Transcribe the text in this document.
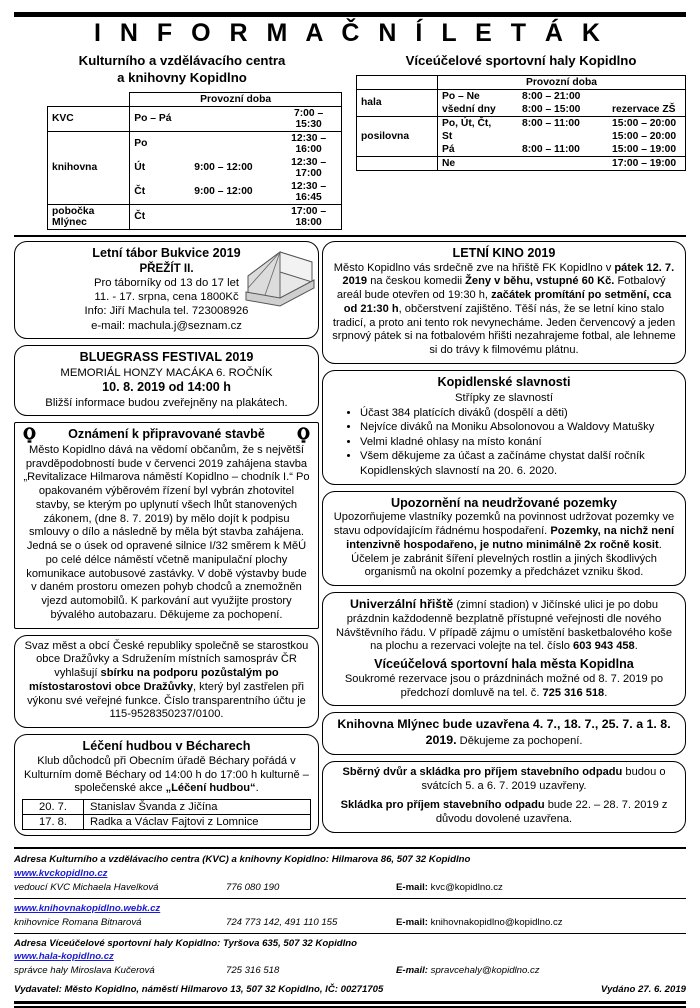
I N F O R M A Č N Í L E T Á K
Kulturního a vzdělávacího centra
a knihovny Kopidlno
	Provozní doba		
KVC	Po – Pá		7:00 – 15:30
knihovna	Po		12:30 – 16:00
	Út	9:00 – 12:00	12:30 – 17:00
	Čt	9:00 – 12:00	12:30 – 16:45
pobočka Mlýnec	Čt		17:00 – 18:00
Víceúčelové sportovní haly Kopidlno
	Provozní doba		
hala	Po – Ne	8:00 – 21:00	
	všední dny	8:00 – 15:00	rezervace ZŠ
posilovna	Po, Út, Čt,	8:00 – 11:00	15:00 – 20:00
	St		15:00 – 20:00
	Pá	8:00 – 11:00	15:00 – 19:00
	Ne		17:00 – 19:00
Letní tábor Bukvice 2019
PŘEŽÍT II.
Pro táborníky od 13 do 17 let
11. - 17. srpna, cena 1800Kč
Info: Jiří Machula tel. 723008926
e-mail: machula.j@seznam.cz
BLUEGRASS FESTIVAL 2019
MEMORIÁL HONZY MACÁKA 6. ROČNÍK
10. 8. 2019 od 14:00 h
Bližší informace budou zveřejněny na plakátech.
Oznámení k připravované stavbě
Město Kopidlno dává na vědomí občanům, že s největší pravděpodobností bude v červenci 2019 zahájena stavba „Revitalizace Hilmarova náměstí Kopidlno – chodník I.“ Po opakovaném výběrovém řízení byl vybrán zhotovitel stavby, se kterým po uplynutí všech lhůt stanovených zákonem, (dne 8. 7. 2019) by mělo dojít k podpisu smlouvy o dílo a následně by měla být stavba zahájena. Jedná se o úsek od opravené silnice I/32 směrem k MěÚ po celé délce náměstí včetně manipulační plochy komunikace autobusové zastávky. V době výstavby bude v daném prostoru omezen pohyb chodců a znemožněn vjezd automobilů. K parkování aut využijte prostory bývalého autobazaru. Děkujeme za pochopení.
Svaz měst a obcí České republiky společně se starostkou obce Dražůvky a Sdružením místních samospráv ČR vyhlašují sbírku na podporu pozůstalým po místostarostovi obce Dražůvky, který byl zastřelen při výkonu své veřejné funkce. Číslo transparentního účtu je 115-9528350237/0100.
Léčení hudbou v Bécharech
Klub důchodců při Obecním úřadě Béchary pořádá v Kulturním domě Béchary od 14:00 h do 17:00 h kulturně – společenské akce „Léčení hudbou“.
20. 7.	Stanislav Švanda z Jičína
17. 8.	Radka a Václav Fajtovi z Lomnice
LETNÍ KINO 2019
Město Kopidlno vás srdečně zve na hřiště FK Kopidlno v pátek 12. 7. 2019 na českou komedii Ženy v běhu, vstupné 60 Kč. Fotbalový areál bude otevřen od 19:30 h, začátek promítání po setmění, cca od 21:30 h, občerstvení zajištěno. Těší nás, že se letní kino stalo tradicí, a proto ani tento rok nevynecháme. Jeden červencový a jeden srpnový pátek si na fotbalovém hřišti nezahrajeme fotbal, ale lehneme si do trávy k filmovému plátnu.
Kopidlenské slavnosti
Střípky ze slavností
• Účast 384 platících diváků (dospělí a děti)
• Nejvíce diváků na Moniku Absolonovou a Waldovy Matušky
• Velmi kladné ohlasy na místo konání
• Všem děkujeme za účast a začínáme chystat další ročník Kopidlenských slavností na 20. 6. 2020.
Upozornění na neudržované pozemky
Upozorňujeme vlastníky pozemků na povinnost udržovat pozemky ve stavu odpovídajícím řádnému hospodaření. Pozemky, na nichž není intenzivně hospodařeno, je nutno minimálně 2x ročně kosit. Účelem je zabránit šíření plevelných rostlin a jiných škodlivých organismů na okolní pozemky a předcházet vzniku škod.
Univerzální hřiště (zimní stadion) v Jičínské ulici je po dobu prázdnin každodenně bezplatně přístupné veřejnosti dle nového Návštěvního řádu. V případě zájmu o umístění basketbalového koše na plochu a rezervaci volejte na tel. číslo 603 943 458.
Víceúčelová sportovní hala města Kopidlna
Soukromé rezervace jsou o prázdninách možné od 8. 7. 2019 po předchozí domluvě na tel. č. 725 316 518.
Knihovna Mlýnec bude uzavřena 4. 7., 18. 7., 25. 7. a 1. 8. 2019. Děkujeme za pochopení.
Sběrný dvůr a skládka pro příjem stavebního odpadu budou o svátcích 5. a 6. 7. 2019 uzavřeny.
Skládka pro příjem stavebního odpadu bude 22. – 28. 7. 2019 z důvodu dovolené uzavřena.
Adresa Kulturního a vzdělávacího centra (KVC) a knihovny Kopidlno: Hilmarova 86, 507 32 Kopidlno
www.kvckopidlno.cz
vedoucí KVC Michaela Havelková	776 080 190	E-mail: kvc@kopidlno.cz
www.knihovnakopidlno.webk.cz
knihovnice Romana Bitnarová	724 773 142, 491 110 155	E-mail: knihovnakopidlno@kopidlno.cz
Adresa Víceúčelové sportovní haly Kopidlno: Tyršova 635, 507 32 Kopidlno
www.hala-kopidlno.cz
správce haly Miroslava Kučerová	725 316 518	E-mail: spravcehaly@kopidlno.cz
Vydavatel: Město Kopidlno, náměstí Hilmarovo 13, 507 32 Kopidlno, IČ: 00271705	Vydáno 27. 6. 2019
